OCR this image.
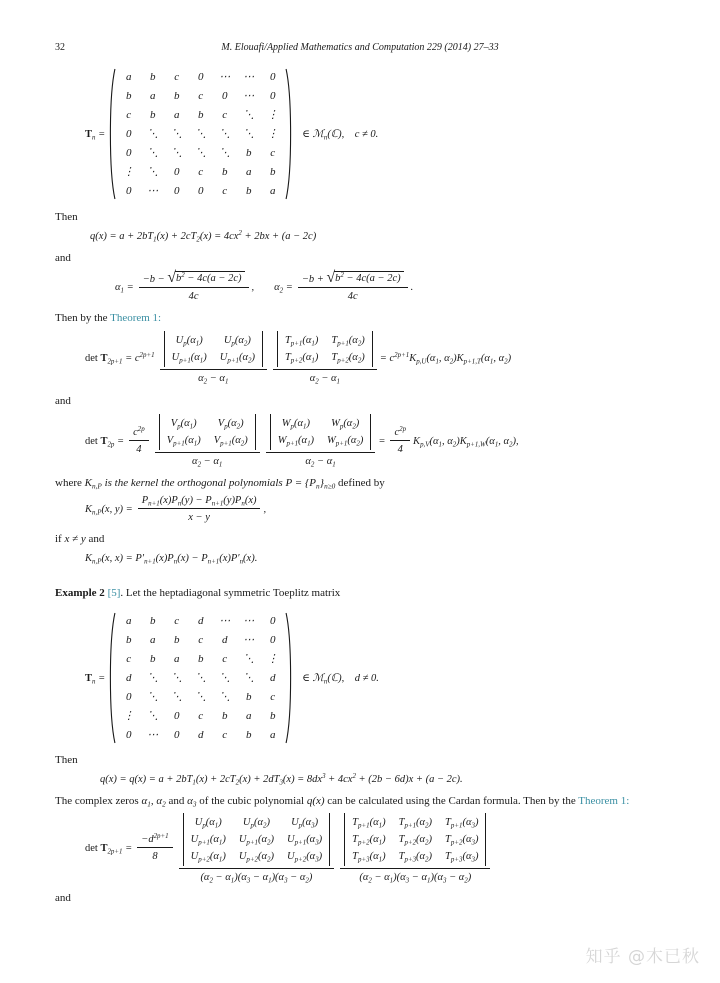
32	M. Elouafi/Applied Mathematics and Computation 229 (2014) 27–33
$T_n$ =
a b c 0 ⋯ ⋯ 0
b a b c 0 ⋯ 0
c b a b c ⋱ ⋮
0 ⋱ ⋱ ⋱ ⋱ ⋱ ⋮
0 ⋱ ⋱ ⋱ ⋱ b c
⋮ ⋱ 0 c b a b
0 ⋯ 0 0 c b a
∈ ℳ$_n$(ℂ), c ≠ 0.

Then

$q(x) = a + 2bT_1(x) + 2cT_2(x) = 4cx^2 + 2bx + (a - 2c)$

and

$\alpha_1 = \frac{-b - √ b^2 - 4c(a - 2c)}{4c}$ , $\alpha_2 = \frac{-b + √ b^2 - 4c(a - 2c)}{4c}$ .

Then by the Theorem 1:

$\det T_{2p+1} = c^{2p+1}$ $U_p(\alpha_1)$ $U_p(\alpha_2)$
$U_{p+1}(\alpha_1)$ $U_{p+1}(\alpha_2)$
$\alpha_2 - \alpha_1$ $T_{p+1}(\alpha_1)$ $T_{p+1}(\alpha_2)$
$T_{p+2}(\alpha_1)$ $T_{p+2}(\alpha_2)$
$\alpha_2 - \alpha_1 = c^{2p+1}K_{p,U}(\alpha_1$, $\alpha_2)K_{p+1,T}(\alpha_1$, $\alpha_2$)

and

$\det T_{2p} = \frac{c^{2p}}{4} V_p(\alpha_1)$ $V_p(\alpha_2)$
$V_{p+1}(\alpha_1)$ $V_{p+1}(\alpha_2)$
$\alpha_2 - \alpha_1$ $W_p(\alpha_1)$ $W_p(\alpha_2)$
$W_{p+1}(\alpha_1)$ $W_{p+1}(\alpha_2)$
$\alpha_2 - \alpha_1 = \frac{c^{2p}}{4} K_{p,V}(\alpha_1$, $\alpha_2)K_{p+1,W}(\alpha_1$, $\alpha_2$),

where $K_{n,P}$ is the kernel the orthogonal polynomials $P = \{P_n\}_{n\ge 0}$ defined by

$K_{n,P}(x$, $y) = \frac{P_{n+1}(x)P_n(y) - P_{n+1}(y)P_n(x)}{x - y}$ ,

if x ≠ y and

$K_{n,P}(x$, $x) = P'_{n+1}(x)P_n(x) - P_{n+1}(x)P'_n(x)$.

Example 2 [5]. Let the heptadiagonal symmetric Toeplitz matrix

$T_n$ =
a b c d ⋯ ⋯ 0
b a b c d ⋯ 0
c b a b c ⋱ ⋮
d ⋱ ⋱ ⋱ ⋱ ⋱ d
0 ⋱ ⋱ ⋱ ⋱ b c
⋮ ⋱ 0 c b a b
0 ⋯ 0 d c b a
∈ ℳ$_n$(ℂ), d ≠ 0.

Then

$q(x) = q(x) = a + 2bT_1(x) + 2cT_2(x) + 2dT_3(x) = 8dx^3 + 4cx^2 + (2b - 6d)x + (a - 2c)$.

The complex zeros $\alpha_1$, $\alpha_2$ and $\alpha_3$ of the cubic polynomial q(x) can be calculated using the Cardan formula. Then by the Theorem 1:

$\det T_{2p+1} = \frac{-d^{2p+1}}{8}$
$U_p(\alpha_1)$ $U_p(\alpha_2)$ $U_p(\alpha_3)$
$U_{p+1}(\alpha_1)$ $U_{p+1}(\alpha_2)$ $U_{p+1}(\alpha_3)$
$U_{p+2}(\alpha_1)$ $U_{p+2}(\alpha_2)$ $U_{p+2}(\alpha_3)$
$(\alpha_2 - \alpha_1)(\alpha_3 - \alpha_1)(\alpha_3 - \alpha_2)$
$T_{p+1}(\alpha_1)$ $T_{p+1}(\alpha_2)$ $T_{p+1}(\alpha_3)$
$T_{p+2}(\alpha_1)$ $T_{p+2}(\alpha_2)$ $T_{p+2}(\alpha_3)$
$T_{p+3}(\alpha_1)$ $T_{p+3}(\alpha_2)$ $T_{p+3}(\alpha_3)$
$(\alpha_2 - \alpha_1)(\alpha_3 - \alpha_1)(\alpha_3 - \alpha_2)$

and

知乎 @木已秋
